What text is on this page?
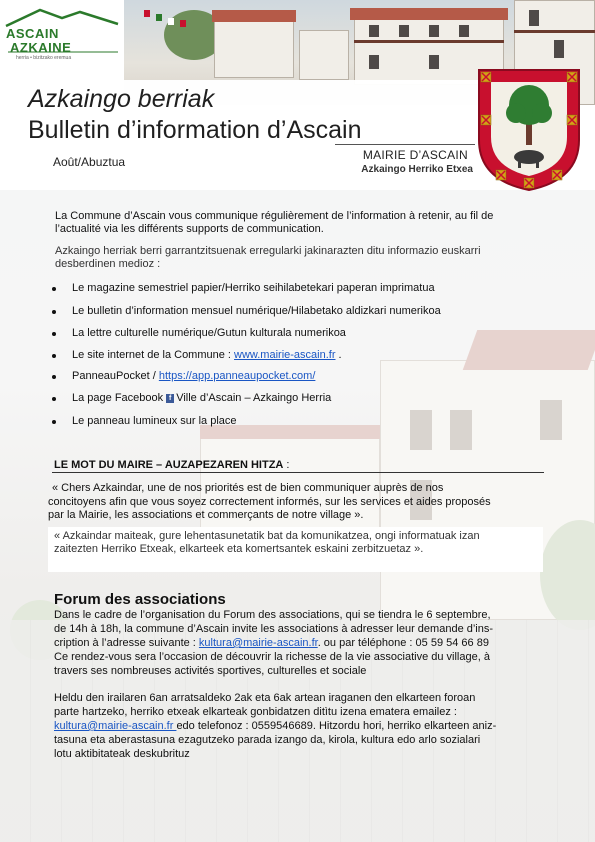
ASCAIN
AZKAINE
herria • bizitzako eremua
Azkaingo berriak
Bulletin d’information d’Ascain
Août/Abuztua	MAIRIE D’ASCAIN
Azkaingo Herriko Etxea
La Commune d’Ascain vous communique régulièrement de l’information à retenir, au fil de
l’actualité via les différents supports de communication.
Azkaingo herriak berri garrantzitsuenak erregularki jakinarazten ditu informazio euskarri
desberdinen medioz :
Le magazine semestriel papier/Herriko seihilabetekari paperan imprimatua
Le bulletin d’information mensuel numérique/Hilabetako aldizkari numerikoa
La lettre culturelle numérique/Gutun kulturala numerikoa
Le site internet de la Commune : www.mairie-ascain.fr .
PanneauPocket / https://app.panneaupocket.com/
La page Facebook f Ville d’Ascain – Azkaingo Herria
Le panneau lumineux sur la place
LE MOT DU MAIRE – AUZAPEZAREN HITZA :
« Chers Azkaindar, une de nos priorités est de bien communiquer auprès de nos
concitoyens afin que vous soyez correctement informés, sur les services et aides proposés
par la Mairie, les associations et commerçants de notre village ».
« Azkaindar maiteak, gure lehentasunetatik bat da komunikatzea, ongi informatuak izan
zaitezten Herriko Etxeak, elkarteek eta komertsantek eskaini zerbitzuetaz ».
Forum des associations
Dans le cadre de l’organisation du Forum des associations, qui se tiendra le 6 septembre,
de 14h à 18h, la commune d’Ascain invite les associations à adresser leur demande d’ins-
cription à l’adresse suivante : kultura@mairie-ascain.fr. ou par téléphone : 05 59 54 66 89
Ce rendez-vous sera l’occasion de découvrir la richesse de la vie associative du village, à
travers ses nombreuses activités sportives, culturelles et sociale
Heldu den irailaren 6an arratsaldeko 2ak eta 6ak artean iraganen den elkarteen foroan
parte hartzeko, herriko etxeak elkarteak gonbidatzen ditìtu izena ematera emailez :
kultura@mairie-ascain.fr edo telefonoz : 0559546689. Hitzordu hori, herriko elkarteen aniz-
tasuna eta aberastasuna ezagutzeko parada izango da, kirola, kultura edo arlo sozialari
lotu aktibitateak deskubrituz
